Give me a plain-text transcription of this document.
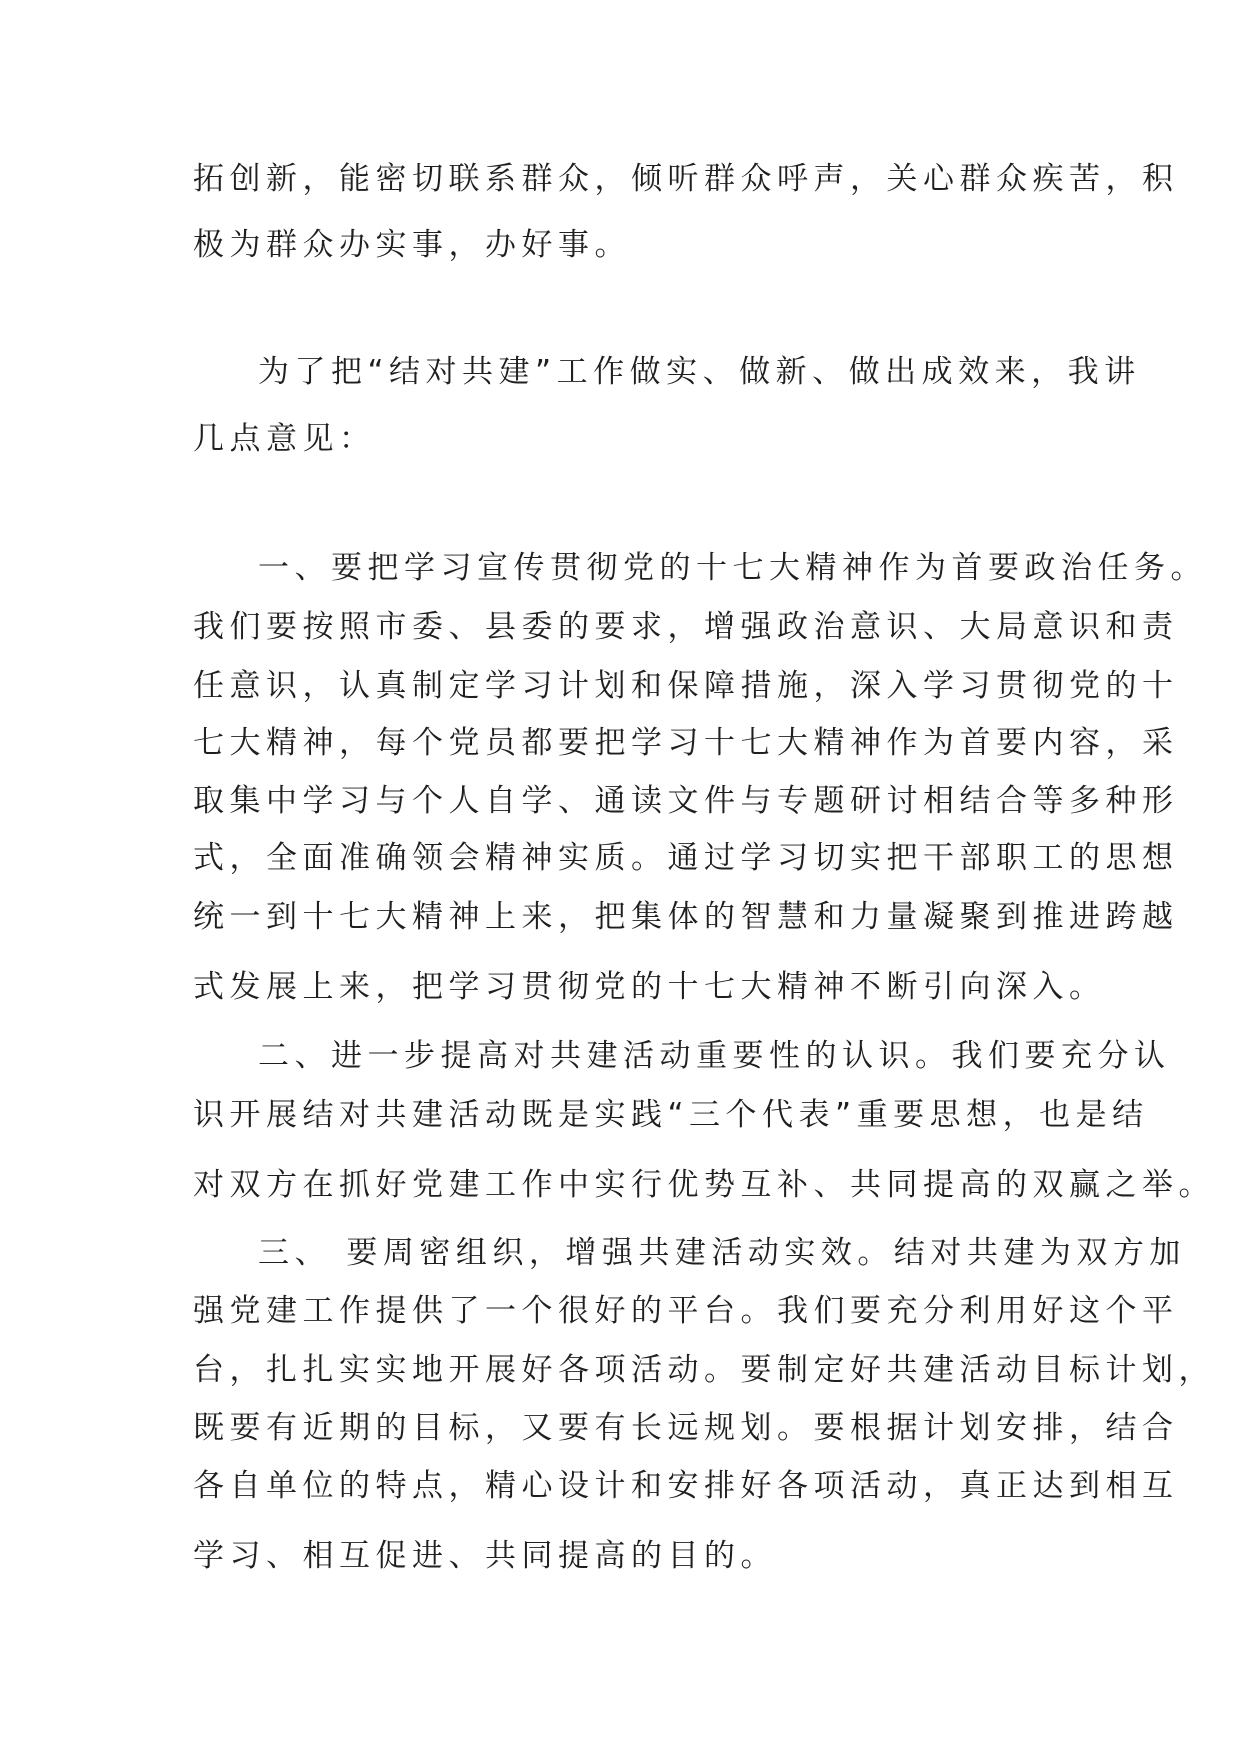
拓创新，能密切联系群众，倾听群众呼声，关心群众疾苦，积
极为群众办实事，办好事。
为了把“结对共建”工作做实、做新、做出成效来，我讲
几点意见：
一、要把学习宣传贯彻党的十七大精神作为首要政治任务。
我们要按照市委、县委的要求，增强政治意识、大局意识和责
任意识，认真制定学习计划和保障措施，深入学习贯彻党的十
七大精神，每个党员都要把学习十七大精神作为首要内容，采
取集中学习与个人自学、通读文件与专题研讨相结合等多种形
式，全面准确领会精神实质。通过学习切实把干部职工的思想
统一到十七大精神上来，把集体的智慧和力量凝聚到推进跨越
式发展上来，把学习贯彻党的十七大精神不断引向深入。
二、进一步提高对共建活动重要性的认识。我们要充分认
识开展结对共建活动既是实践“三个代表”重要思想，也是结
对双方在抓好党建工作中实行优势互补、共同提高的双赢之举。
三、 要周密组织，增强共建活动实效。结对共建为双方加
强党建工作提供了一个很好的平台。我们要充分利用好这个平
台，扎扎实实地开展好各项活动。要制定好共建活动目标计划，
既要有近期的目标，又要有长远规划。要根据计划安排，结合
各自单位的特点，精心设计和安排好各项活动，真正达到相互
学习、相互促进、共同提高的目的。
